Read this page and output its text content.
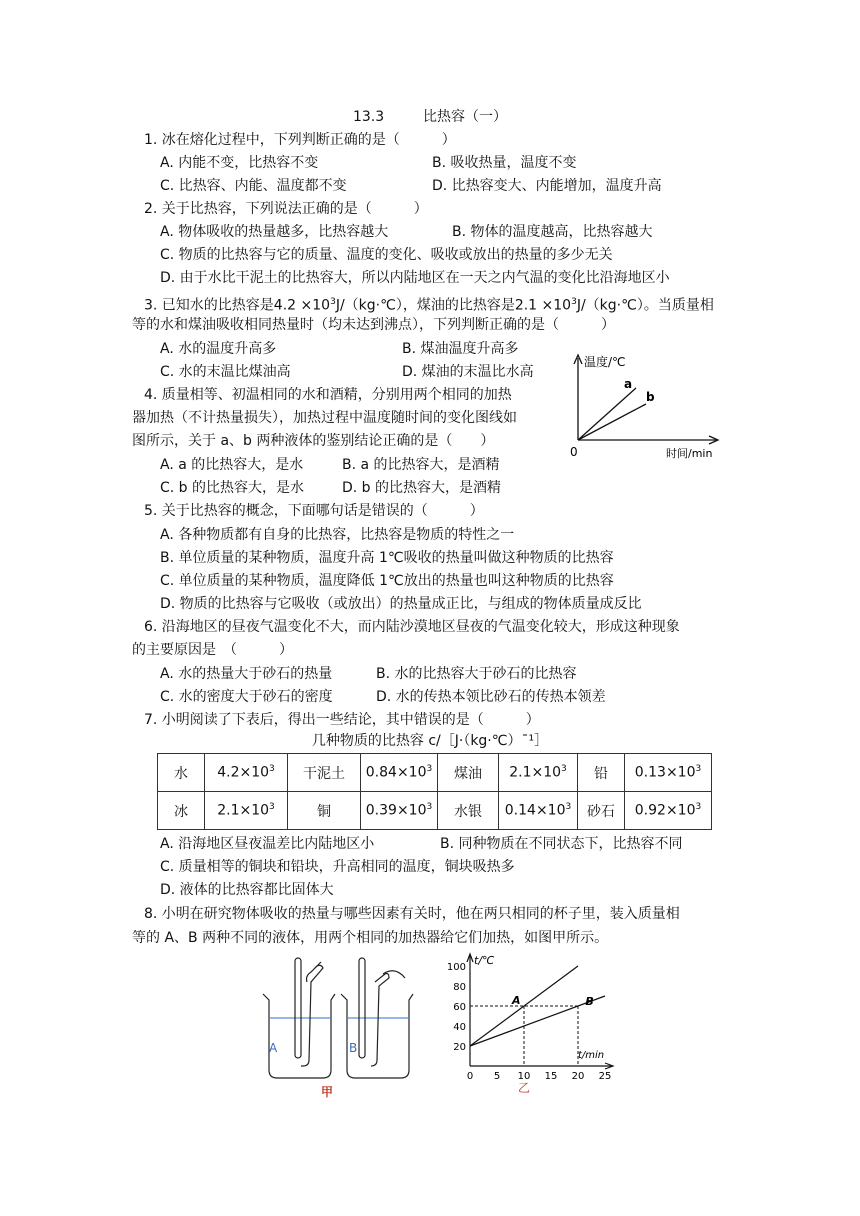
13.3	比热容（一）
1. 冰在熔化过程中，下列判断正确的是（　　　）
A. 内能不变，比热容不变	B. 吸收热量，温度不变
C. 比热容、内能、温度都不变	D. 比热容变大、内能增加，温度升高
2. 关于比热容，下列说法正确的是（　　　）
A. 物体吸收的热量越多，比热容越大	B. 物体的温度越高，比热容越大
C. 物质的比热容与它的质量、温度的变化、吸收或放出的热量的多少无关
D. 由于水比干泥土的比热容大，所以内陆地区在一天之内气温的变化比沿海地区小
3. 已知水的比热容是$4.2 \times 10^3J/(kg\cdot℃)$，煤油的比热容是$2.1 \times 10^3J/(kg\cdot℃)$。当质量相
等的水和煤油吸收相同热量时（均未达到沸点），下列判断正确的是（　　　）
A. 水的温度升高多	B. 煤油温度升高多
C. 水的末温比煤油高	D. 煤油的末温比水高
4. 质量相等、初温相同的水和酒精，分别用两个相同的加热
器加热（不计热量损失），加热过程中温度随时间的变化图线如
图所示，关于 a、b 两种液体的鉴别结论正确的是（　　）
A. a 的比热容大，是水	B. a 的比热容大，是酒精
C. b 的比热容大，是水	D. b 的比热容大，是酒精
温度/℃
时间/min
0
a
b
5. 关于比热容的概念，下面哪句话是错误的（　　　）
A. 各种物质都有自身的比热容，比热容是物质的特性之一
B. 单位质量的某种物质，温度升高 1℃吸收的热量叫做这种物质的比热容
C. 单位质量的某种物质，温度降低 1℃放出的热量也叫这种物质的比热容
D. 物质的比热容与它吸收（或放出）的热量成正比，与组成的物体质量成反比
6. 沿海地区的昼夜气温变化不大，而内陆沙漠地区昼夜的气温变化较大，形成这种现象
的主要原因是　（　　　）
A. 水的热量大于砂石的热量	B. 水的比热容大于砂石的比热容
C. 水的密度大于砂石的密度	D. 水的传热本领比砂石的传热本领差
7. 小明阅读了下表后，得出一些结论，其中错误的是（　　　）
几种物质的比热容 c/［J·（kg·℃）ˉ¹］
水	$4.2\times 10^3$	干泥土	$0.84\times 10^3$	煤油	$2.1\times 10^3$	铅	$0.13\times 10^3$
冰	$2.1\times 10^3$	铜	$0.39\times 10^3$	水银	$0.14\times 10^3$	砂石	$0.92\times 10^3$
A. 沿海地区昼夜温差比内陆地区小	B. 同种物质在不同状态下，比热容不同
C. 质量相等的铜块和铅块，升高相同的温度，铜块吸热多
D. 液体的比热容都比固体大
8. 小明在研究物体吸收的热量与哪些因素有关时，他在两只相同的杯子里，装入质量相
等的 A、B 两种不同的液体，用两个相同的加热器给它们加热，如图甲所示。
A	B
甲
t/℃
t/min
100
80
60
40
20
0 5 10 15 20 25
A	B
乙
